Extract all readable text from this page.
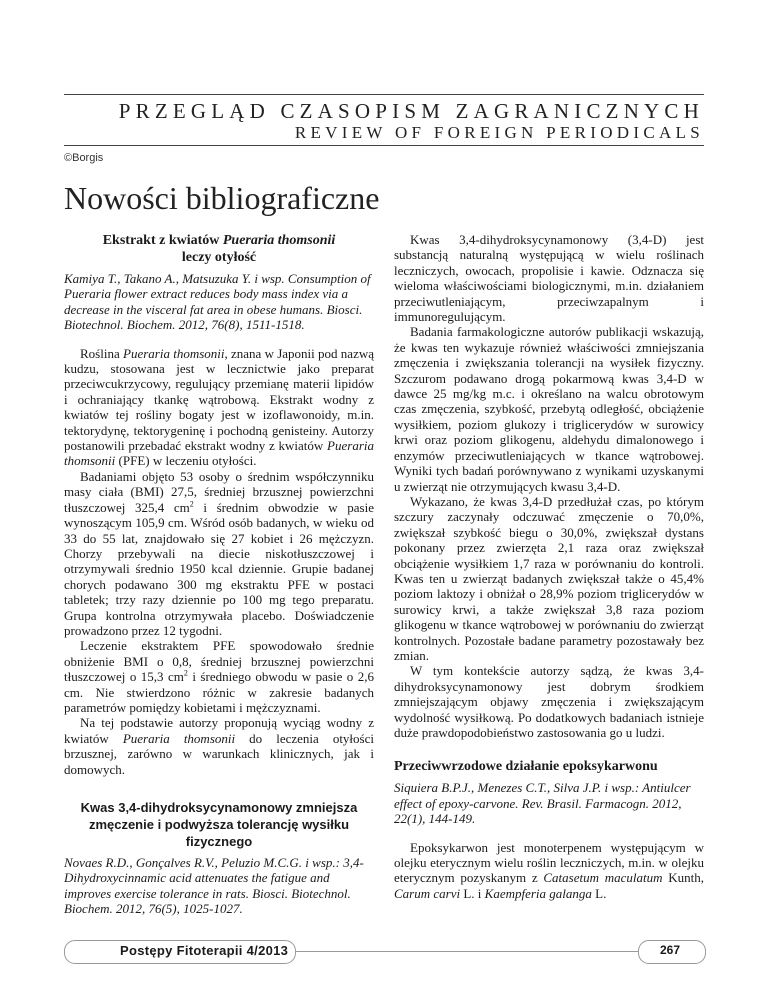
PRZEGLĄD CZASOPISM ZAGRANICZNYCH
REVIEW OF FOREIGN PERIODICALS
©Borgis
Nowości bibliograficzne
Ekstrakt z kwiatów Pueraria thomsonii
leczy otyłość

Kamiya T., Takano A., Matsuzuka Y. i wsp. Consumption of Pueraria flower extract reduces body mass index via a decrease in the visceral fat area in obese humans. Biosci. Biotechnol. Biochem. 2012, 76(8), 1511-1518.

Roślina Pueraria thomsonii, znana w Japonii pod nazwą kudzu, stosowana jest w lecznictwie jako preparat przeciwcukrzycowy, regulujący przemianę materii lipidów i ochraniający tkankę wątrobową. Ekstrakt wodny z kwiatów tej rośliny bogaty jest w izoflawonoidy, m.in. tektorydynę, tektorygeninę i pochodną genisteiny. Autorzy postanowili przebadać ekstrakt wodny z kwiatów Pueraria thomsonii (PFE) w leczeniu otyłości.

Badaniami objęto 53 osoby o średnim współczynniku masy ciała (BMI) 27,5, średniej brzusznej powierzchni tłuszczowej 325,4 $cm^2$ i średnim obwodzie w pasie wynoszącym 105,9 cm. Wśród osób badanych, w wieku od 33 do 55 lat, znajdowało się 27 kobiet i 26 mężczyzn. Chorzy przebywali na diecie niskotłuszczowej i otrzymywali średnio 1950 kcal dziennie. Grupie badanej chorych podawano 300 mg ekstraktu PFE w postaci tabletek; trzy razy dziennie po 100 mg tego preparatu. Grupa kontrolna otrzymywała placebo. Doświadczenie prowadzono przez 12 tygodni.

Leczenie ekstraktem PFE spowodowało średnie obniżenie BMI o 0,8, średniej brzusznej powierzchni tłuszczowej o 15,3 $cm^2$ i średniego obwodu w pasie o 2,6 cm. Nie stwierdzono różnic w zakresie badanych parametrów pomiędzy kobietami i mężczyznami.

Na tej podstawie autorzy proponują wyciąg wodny z kwiatów Pueraria thomsonii do leczenia otyłości brzusznej, zarówno w warunkach klinicznych, jak i domowych.

Kwas 3,4-dihydroksycynamonowy zmniejsza zmęczenie i podwyższa tolerancję wysiłku fizycznego

Novaes R.D., Gonçalves R.V., Peluzio M.C.G. i wsp.: 3,4-Dihydroxycinnamic acid attenuates the fatigue and improves exercise tolerance in rats. Biosci. Biotechnol. Biochem. 2012, 76(5), 1025-1027.

Kwas 3,4-dihydroksycynamonowy (3,4-D) jest substancją naturalną występującą w wielu roślinach leczniczych, owocach, propolisie i kawie. Odznacza się wieloma właściwościami biologicznymi, m.in. działaniem przeciwutleniającym, przeciwzapalnym i immunoregulującym.

Badania farmakologiczne autorów publikacji wskazują, że kwas ten wykazuje również właściwości zmniejszania zmęczenia i zwiększania tolerancji na wysiłek fizyczny. Szczurom podawano drogą pokarmową kwas 3,4-D w dawce 25 mg/kg m.c. i określano na walcu obrotowym czas zmęczenia, szybkość, przebytą odległość, obciążenie wysiłkiem, poziom glukozy i triglicerydów w surowicy krwi oraz poziom glikogenu, aldehydu dimalonowego i enzymów przeciwutleniających w tkance wątrobowej. Wyniki tych badań porównywano z wynikami uzyskanymi u zwierząt nie otrzymujących kwasu 3,4-D.

Wykazano, że kwas 3,4-D przedłużał czas, po którym szczury zaczynały odczuwać zmęczenie o 70,0%, zwiększał szybkość biegu o 30,0%, zwiększał dystans pokonany przez zwierzęta 2,1 raza oraz zwiększał obciążenie wysiłkiem 1,7 raza w porównaniu do kontroli. Kwas ten u zwierząt badanych zwiększał także o 45,4% poziom laktozy i obniżał o 28,9% poziom triglicerydów w surowicy krwi, a także zwiększał 3,8 raza poziom glikogenu w tkance wątrobowej w porównaniu do zwierząt kontrolnych. Pozostałe badane parametry pozostawały bez zmian.

W tym kontekście autorzy sądzą, że kwas 3,4-dihydroksycynamonowy jest dobrym środkiem zmniejszającym objawy zmęczenia i zwiększającym wydolność wysiłkową. Po dodatkowych badaniach istnieje duże prawdopodobieństwo zastosowania go u ludzi.

Przeciwwrzodowe działanie epoksykarwonu

Siquiera B.P.J., Menezes C.T., Silva J.P. i wsp.: Antiulcer effect of epoxy-carvone. Rev. Brasil. Farmacogn. 2012, 22(1), 144-149.

Epoksykarwon jest monoterpenem występującym w olejku eterycznym wielu roślin leczniczych, m.in. w olejku eterycznym pozyskanym z Catasetum maculatum Kunth, Carum carvi L. i Kaempferia galanga L.

Postępy Fitoterapii 4/2013	267
